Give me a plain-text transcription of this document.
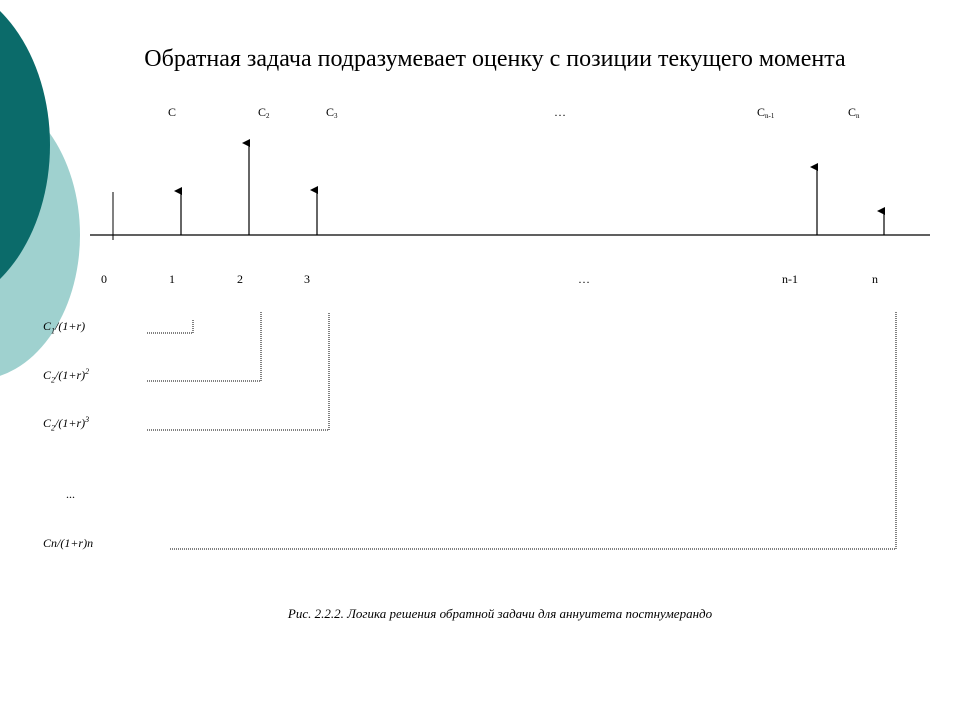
Обратная задача подразумевает оценку с позиции текущего момента
C	$C_2$	$C_3$	…	$C_{n-1}$	$C_n$
0	1	2	3	…	n-1	n
$C_1/(1+r)$
$C_2/(1+r)^2$
$C_2/(1+r)^3$
...
Cn/(1+r)n
Рис. 2.2.2. Логика решения обратной задачи для аннуитета постнумерандо
